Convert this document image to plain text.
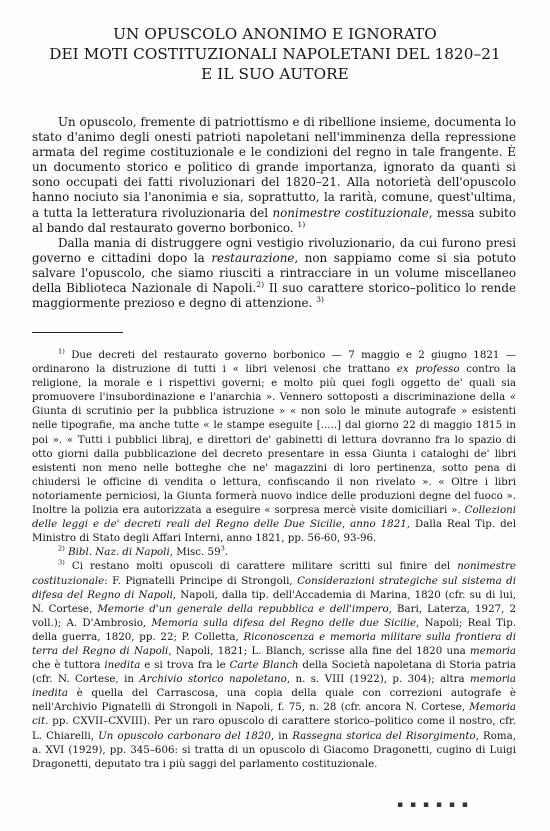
UN OPUSCOLO ANONIMO E IGNORATO
DEI MOTI COSTITUZIONALI NAPOLETANI DEL 1820–21
E IL SUO AUTORE

Un opuscolo, fremente di patriottismo e di ribellione insieme, documenta lo stato d'animo degli onesti patrioti napoletani nell'imminenza della repressione armata del regime costituzionale e le condizioni del regno in tale frangente. È un documento storico e politico di grande importanza, ignorato da quanti si sono occupati dei fatti rivoluzionari del 1820–21. Alla notorietà dell'opuscolo hanno nociuto sia l'anonimia e sia, soprattutto, la rarità, comune, quest'ultima, a tutta la letteratura rivoluzionaria del nonimestre costituzionale, messa subito al bando dal restaurato governo borbonico. $^{1)}$

Dalla mania di distruggere ogni vestigio rivoluzionario, da cui furono presi governo e cittadini dopo la restaurazione, non sappiamo come si sia potuto salvare l'opuscolo, che siamo riusciti a rintracciare in un volume miscellaneo della Biblioteca Nazionale di Napoli.$^{2)}$ Il suo carattere storico–politico lo rende maggiormente prezioso e degno di attenzione. $^{3)}$

$^{1)}$ Due decreti del restaurato governo borbonico — 7 maggio e 2 giugno 1821 — ordinarono la distruzione di tutti i « libri velenosi che trattano ex professo contro la religione, la morale e i rispettivi governi; e molto più quei fogli oggetto de' quali sia promuovere l'insubordinazione e l'anarchia ». Vennero sottoposti a discriminazione della « Giunta di scrutinio per la pubblica istruzione » « non solo le minute autografe » esistenti nelle tipografie, ma anche tutte « le stampe eseguite [.....] dal giorno 22 di maggio 1815 in poi ». « Tutti i pubblici libraj, e direttori de' gabinetti di lettura dovranno fra lo spazio di otto giorni dalla pubblicazione del decreto presentare in essa Giunta i cataloghi de' libri esistenti non meno nelle botteghe che ne' magazzini di loro pertinenza, sotto pena di chiudersi le officine di vendita o lettura, confiscando il non rivelato ». « Oltre i libri notoriamente perniciosi, la Giunta formerà nuovo indice delle produzioni degne del fuoco ». Inoltre la polizia era autorizzata a eseguire « sorpresa mercè visite domiciliari ». Collezioni delle leggi e de' decreti reali del Regno delle Due Sicilie, anno 1821, Dalla Real Tip. del Ministro di Stato degli Affari Interni, anno 1821, pp. 56-60, 93-96.

$^{2)}$ Bibl. Naz. di Napoli, Misc. $59^3$.

$^{3)}$ Ci restano molti opuscoli di carattere militare scritti sul finire del nonimestre costituzionale: F. Pignatelli Principe di Strongoli, Considerazioni strategiche sul sistema di difesa del Regno di Napoli, Napoli, dalla tip. dell'Accademia di Marina, 1820 (cfr. su di lui, N. Cortese, Memorie d'un generale della repubblica e dell'impero, Bari, Laterza, 1927, 2 voll.); A. D'Ambrosio, Memoria sulla difesa del Regno delle due Sicilie, Napoli; Real Tip. della guerra, 1820, pp. 22; P. Colletta, Riconoscenza e memoria militare sulla frontiera di terra del Regno di Napoli, Napoli, 1821; L. Blanch, scrisse alla fine del 1820 una memoria che è tuttora inedita e si trova fra le Carte Blanch della Società napoletana di Storia patria (cfr. N. Cortese, in Archivio storico napoletano, n. s. VIII (1922), p. 304); altra memoria inedita è quella del Carrascosa, una copia della quale con correzioni autografe è nell'Archivio Pignatelli di Strongoli in Napoli, f. 75, n. 28 (cfr. ancora N. Cortese, Memoria cit. pp. CXVII–CXVIII). Per un raro opuscolo di carattere storico–politico come il nostro, cfr. L. Chiarelli, Un opuscolo carbonaro del 1820, in Rassegna storica del Risorgimento, Roma, a. XVI (1929), pp. 345–606: si tratta di un opuscolo di Giacomo Dragonetti, cugino di Luigi Dragonetti, deputato tra i più saggi del parlamento costituzionale.

▪ ▪ ▪ ▪ ▪ ▪
